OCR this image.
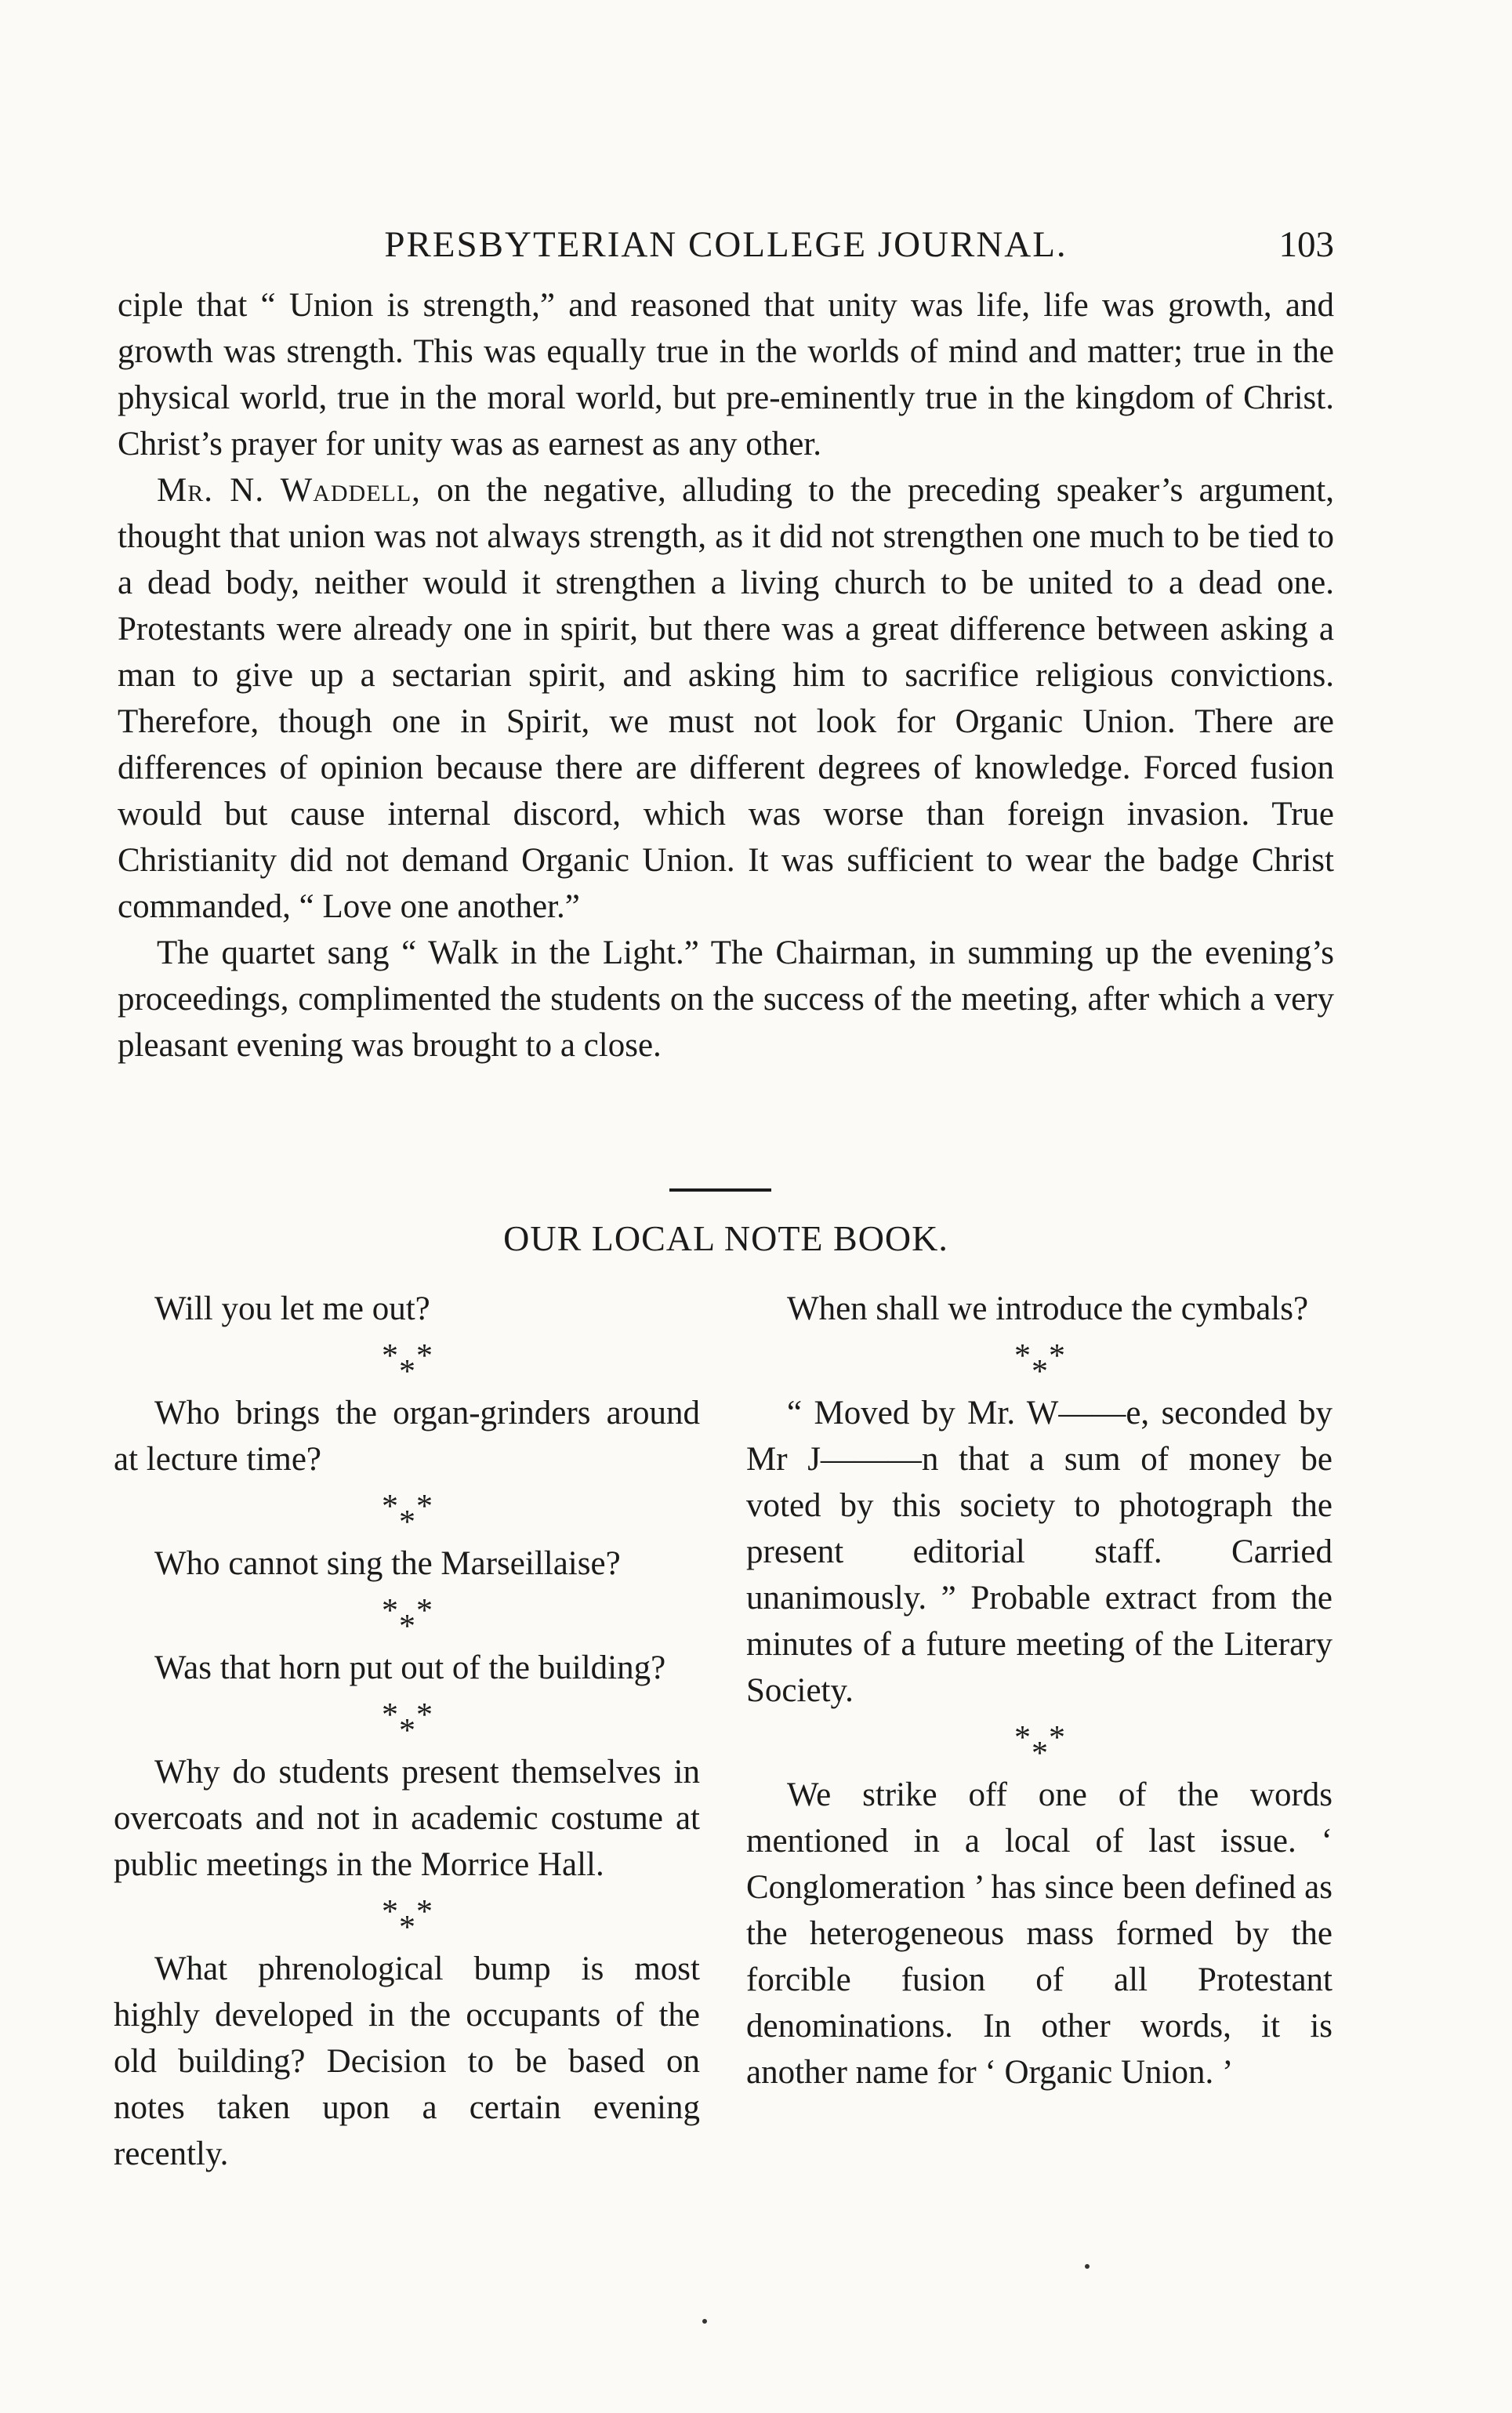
PRESBYTERIAN COLLEGE JOURNAL.	103

ciple that “ Union is strength,” and reasoned that unity was life, life was growth, and growth was strength. This was equally true in the worlds of mind and matter; true in the physical world, true in the moral world, but pre-eminently true in the kingdom of Christ. Christ’s prayer for unity was as earnest as any other.

Mr. N. Waddell, on the negative, alluding to the preceding speaker’s argument, thought that union was not always strength, as it did not strengthen one much to be tied to a dead body, neither would it strengthen a living church to be united to a dead one. Protestants were already one in spirit, but there was a great difference between asking a man to give up a sectarian spirit, and asking him to sacrifice religious convictions. Therefore, though one in Spirit, we must not look for Organic Union. There are differences of opinion because there are different degrees of knowledge. Forced fusion would but cause internal discord, which was worse than foreign invasion. True Christianity did not demand Organic Union. It was sufficient to wear the badge Christ commanded, “ Love one another.”

The quartet sang “ Walk in the Light.” The Chairman, in summing up the evening’s proceedings, complimented the students on the success of the meeting, after which a very pleasant evening was brought to a close.

OUR LOCAL NOTE BOOK.

Will you let me out?

* * *

Who brings the organ-grinders around at lecture time?

* * *

Who cannot sing the Marseillaise?

* * *

Was that horn put out of the building?

* * *

Why do students present themselves in overcoats and not in academic costume at public meetings in the Morrice Hall.

* * *

What phrenological bump is most highly developed in the occupants of the old building? Decision to be based on notes taken upon a certain evening recently.

When shall we introduce the cymbals?

* * *

“ Moved by Mr. W——e, seconded by Mr J———n that a sum of money be voted by this society to photograph the present editorial staff. Carried unanimously. ” Probable extract from the minutes of a future meeting of the Literary Society.

* * *

We strike off one of the words mentioned in a local of last issue. ‘ Conglomeration ’ has since been defined as the heterogeneous mass formed by the forcible fusion of all Protestant denominations. In other words, it is another name for ‘ Organic Union. ’
